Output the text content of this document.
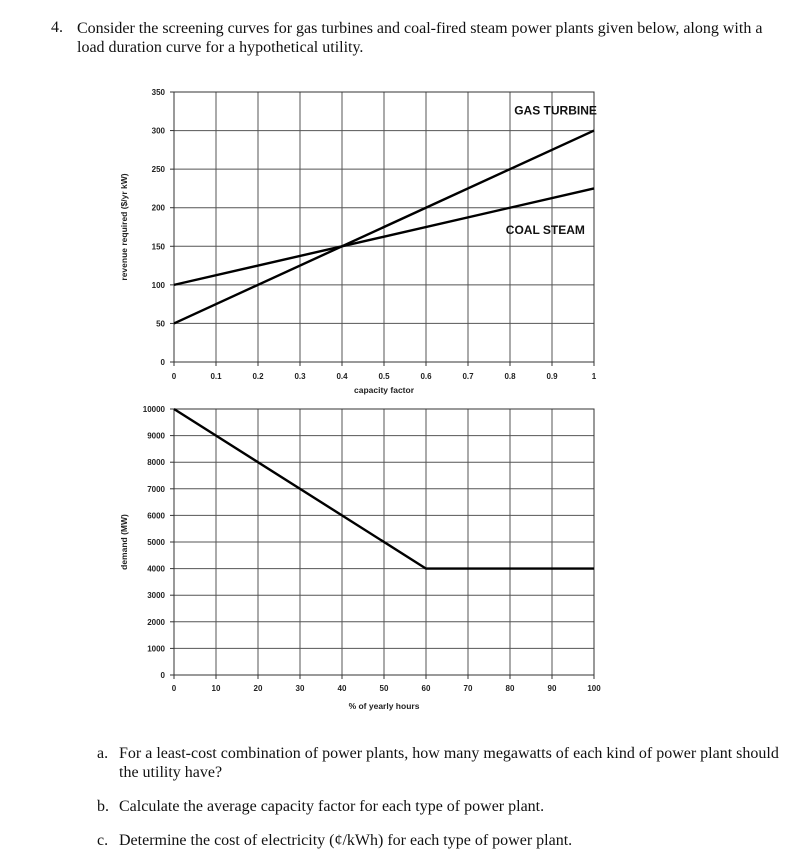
4. Consider the screening curves for gas turbines and coal-fired steam power plants given below, along with a load duration curve for a hypothetical utility.
0	0.1	0.2	0.3	0.4	0.5	0.6	0.7	0.8	0.9	1
0
50
100
150
200
250
300
350
capacity factor
revenue required ($/yr kW)
GAS TURBINE
COAL STEAM
0	10	20	30	40	50	60	70	80	90	100
0
1000
2000
3000
4000
5000
6000
7000
8000
9000
10000
% of yearly hours
demand (MW)
a. For a least-cost combination of power plants, how many megawatts of each kind of power plant should the utility have?
b. Calculate the average capacity factor for each type of power plant.
c. Determine the cost of electricity (¢/kWh) for each type of power plant.
